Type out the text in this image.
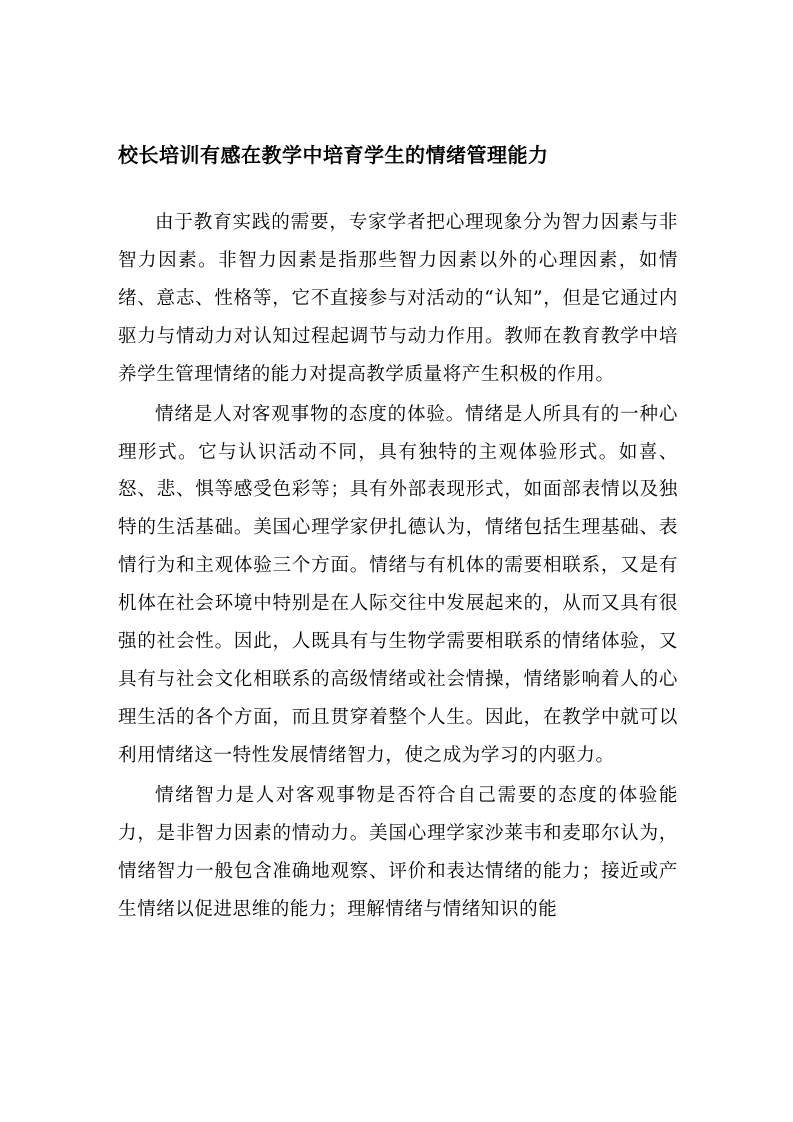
校长培训有感在教学中培育学生的情绪管理能力

由于教育实践的需要，专家学者把心理现象分为智力因素与非智力因素。非智力因素是指那些智力因素以外的心理因素，如情绪、意志、性格等，它不直接参与对活动的“认知”，但是它通过内驱力与情动力对认知过程起调节与动力作用。教师在教育教学中培养学生管理情绪的能力对提高教学质量将产生积极的作用。

情绪是人对客观事物的态度的体验。情绪是人所具有的一种心理形式。它与认识活动不同，具有独特的主观体验形式。如喜、怒、悲、惧等感受色彩等；具有外部表现形式，如面部表情以及独特的生活基础。美国心理学家伊扎德认为，情绪包括生理基础、表情行为和主观体验三个方面。情绪与有机体的需要相联系，又是有机体在社会环境中特别是在人际交往中发展起来的，从而又具有很强的社会性。因此，人既具有与生物学需要相联系的情绪体验，又具有与社会文化相联系的高级情绪或社会情操，情绪影响着人的心理生活的各个方面，而且贯穿着整个人生。因此，在教学中就可以利用情绪这一特性发展情绪智力，使之成为学习的内驱力。

情绪智力是人对客观事物是否符合自己需要的态度的体验能力，是非智力因素的情动力。美国心理学家沙莱韦和麦耶尔认为，情绪智力一般包含准确地观察、评价和表达情绪的能力；接近或产生情绪以促进思维的能力；理解情绪与情绪知识的能
